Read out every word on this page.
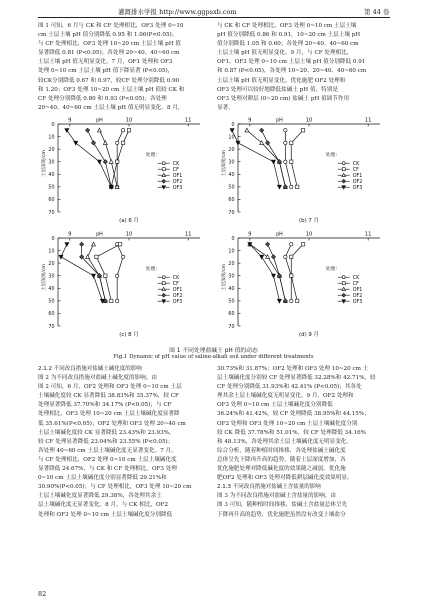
灌溉排水学报 http://www.ggpsxb.com	第 44 卷

图 1 可知，6 月与 CK 和 CF 处理相比，OF3 处理 0~10

cm 土层土壤 pH 值分别降低 0.95 和 1.06(P<0.05)；

与 CF 处理相比，OF3 处理 10~20 cm 土层土壤 pH 值

显著降低 0.81 (P<0.05)；各处理 20~40、40~60 cm

土层土壤 pH 值无明显变化。7 月，OF1 处理和 OF3

处理 0~10 cm 土层土壤 pH 值下降显著 (P<0.05)，

较CK分别降低 0.67 和 0.97，较CF 处理分别降低 0.90

和 1.20；OF3 处理 10~20 cm 土层土壤 pH 值较 CK 和

CF 处理分别降低 0.80 和 0.93 (P<0.05)；各处理

20~40、40~60 cm 土层土壤 pH 值无明显变化。8 月，

与 CK 和 CF 处理相比，OF3 处理 0~10 cm 土层土壤

pH 值分别降低 0.86 和 0.91，10~20 cm 土层土壤 pH

值分别降低 1.05 和 0.60；各处理 20~40、40~60 cm

土层土壤 pH 值无明显变化。9 月，与 CF 处理相比，

OF1、OF3 处理 0~10 cm 土层土壤 pH 值分别降低 0.91

和 0.87 (P<0.05)，各处理 10~20、20~40、40~60 cm

土层土壤 pH 值无明显变化。优化施肥 OF2 处理和

OF3 处理可以较好地降低盐碱土 pH 值，特别是

OF3 处理对耕层 (0~20 cm) 盐碱土 pH 值调节作用

显著。

9	10	11
pH
0
10
20
30
40
50
60
70
土层深度/cm	处理：
CK
CF
OF1
OF2
OF3
(a) 6 月
9	10	11
pH
0
10
20
30
40
50
60
70
土层深度/cm	处理：
CK
CF
OF1
OF2
OF3
(b) 7 月
9	10	11
pH
0
10
20
30
40
50
60
70
土层深度/cm	处理：
CK
CF
OF1
OF2
OF3
(c) 8 月
9	10	11
pH
0
10
20
30
40
50
60
70
土层深度/cm	处理：
CK
CF
OF1
OF2
OF3
(d) 9 月
图 1 不同处理盐碱土 pH 值的动态
Fig.1 Dynamic of pH value of saline-alkali soil under different treatments

2.1.2 不同改良措施对盐碱土碱化度的影响

图 2 为不同改良措施对盐碱土碱化度的影响。由

图 2 可知，6 月，OF2 处理和 OF3 处理 0~10 cm 土层

土壤碱化度较 CK 显著降低 38.83%和 35.37%，较 CF

处理显著降低 37.70%和 34.17% (P<0.05)；与 CF

处理相比，OF3 处理 10~20 cm 土层土壤碱化度显著降

低 35.61%(P<0.05)；OF2 处理和 OF3 处理 20~40 cm

土层土壤碱化度较 CK 显著降低 23.43%和 23.93%，

较 CF 处理显著降低 23.04%和 23.55% (P<0.05)；

各处理 40~60 cm 土层土壤碱化度无显著变化。7 月，

与 CF 处理相比，OF2 处理 0~10 cm 土层土壤碱化度

显著降低 24.67%，与 CK 和 CF 处理相比，OF3 处理

0~10 cm 土层土壤碱化度分别显著降低 29.21%和

30.90%(P<0.05)；与 CF 处理相比，OF3 处理 10~20 cm

土层土壤碱化度显著降低 29.38%，各处理其余土

层土壤碱化度无显著变化。8 月，与 CK 相比，OF2

处理和 OF3 处理 0~10 cm 土层土壤碱化度分别降低

30.73%和 31.87%；OF2 处理和 OF3 处理 10~20 cm 土

层土壤碱化度分别较 CF 处理显著降低 32.28%和 42.71%，较

CF 处理分别降低 31.93%和 42.41% (P<0.05)；其各处

理其余土层土壤碱化度无明显变化。9 月，OF2 处理和

OF3 处理 0~10 cm 土层土壤碱化度分别降低

36.24%和 41.42%，较 CF 处理降低 38.95%和 44.15%；

OF2 处理和 OF3 处理 10~20 cm 土层土壤碱化度分别

较 CK 降低 37.78%和 51.01%，较 CF 处理降低 34.16%

和 48.13%，各处理其余土层土壤碱化度无明显变化。

综合分析，随着种植时间推移，各处理盐碱土碱化度

总体呈先下降再升高的趋势，随着土层深度增加，各

优化施肥处理对降低碱化度的效果随之减弱，优化施

肥OF2 处理和 OF3 处理对降低耕层碱化度效果明显。

2.1.3 不同改良措施对盐碱土含盐量的影响

图 3 为不同改良措施对盐碱土含盐量的影响。由

图 3 可知，随种植时间推移，盐碱土含盐量总体呈先

下降再升高的趋势，优化施肥虽然没有改变土壤盐分

82
